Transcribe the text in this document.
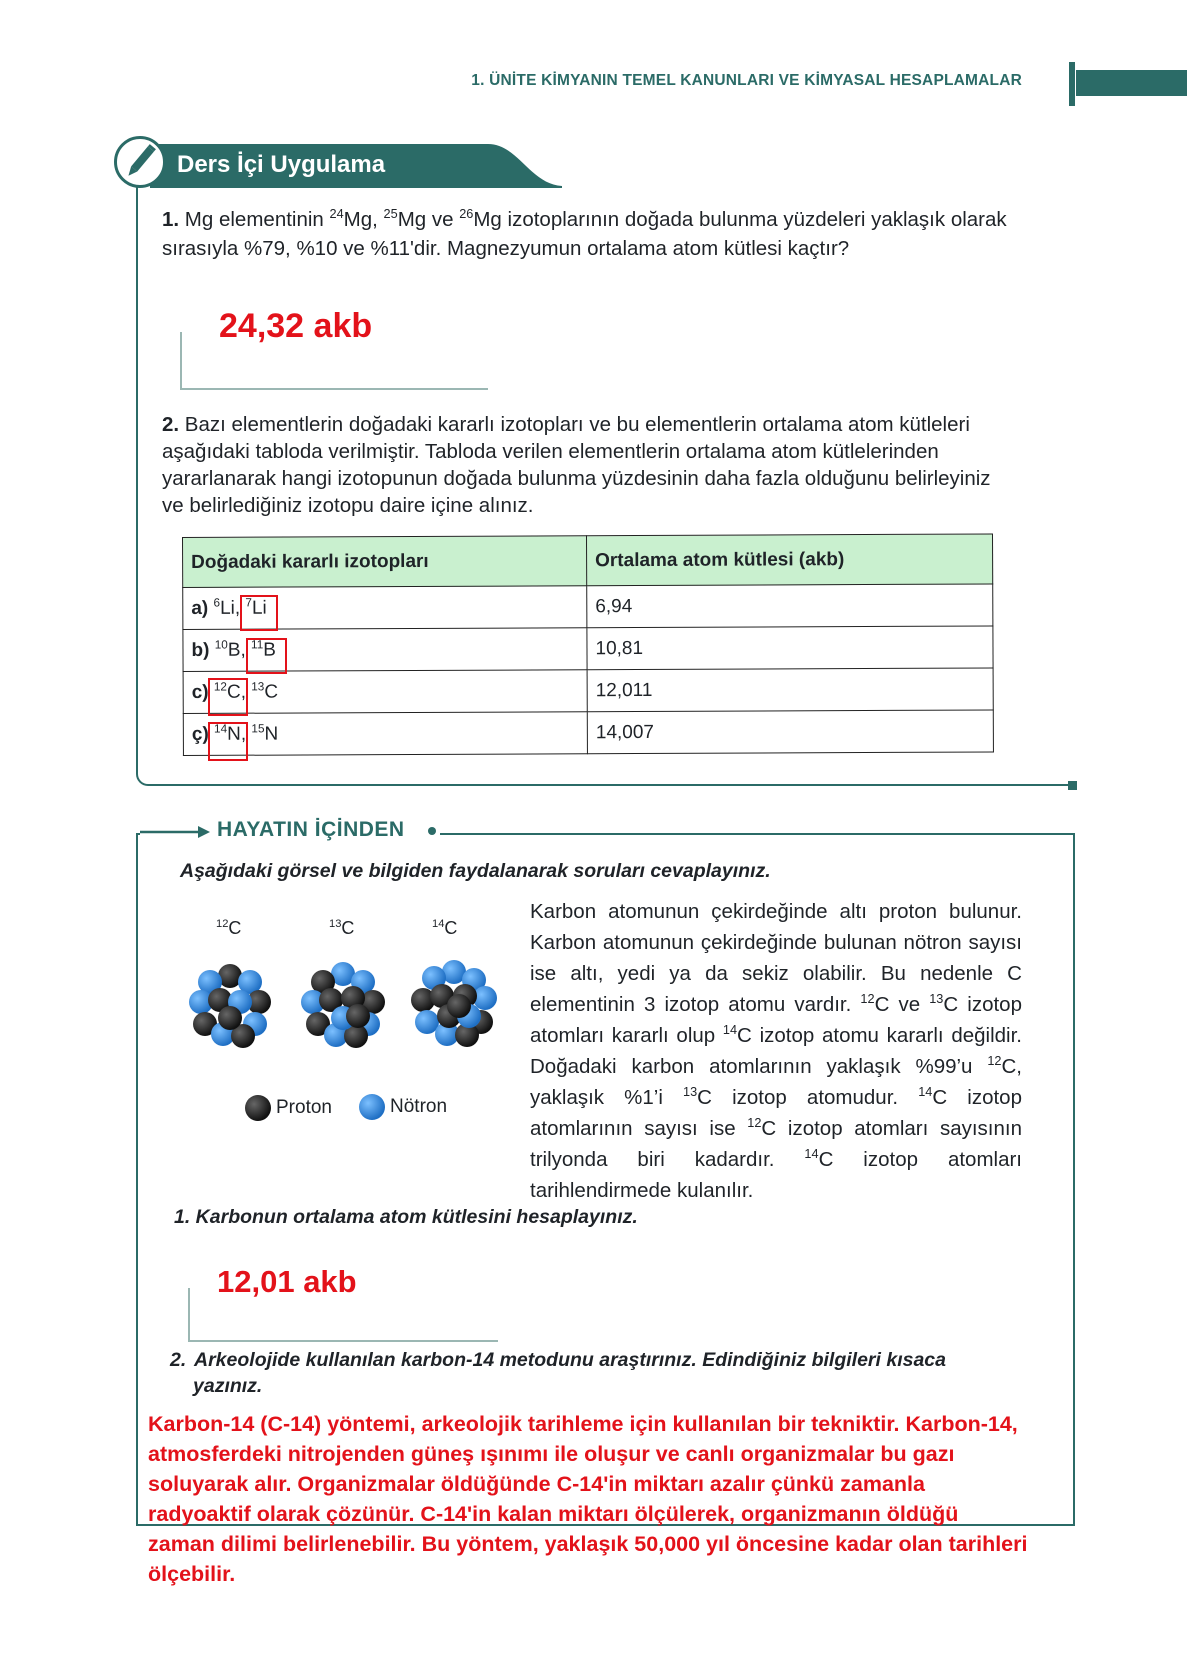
1. ÜNİTE KİMYANIN TEMEL KANUNLARI VE KİMYASAL HESAPLAMALAR
Ders İçi Uygulama
1. Mg elementinin $^{24}$Mg, $^{25}$Mg ve $^{26}$Mg izotoplarının doğada bulunma yüzdeleri yaklaşık olarak sırasıyla %79, %10 ve %11'dir. Magnezyumun ortalama atom kütlesi kaçtır?
24,32 akb
2. Bazı elementlerin doğadaki kararlı izotopları ve bu elementlerin ortalama atom kütleleri aşağıdaki tabloda verilmiştir. Tabloda verilen elementlerin ortalama atom kütlelerinden yararlanarak hangi izotopunun doğada bulunma yüzdesinin daha fazla olduğunu belirleyiniz ve belirlediğiniz izotopu daire içine alınız.
Doğadaki kararlı izotopları	Ortalama atom kütlesi (akb)
a) $^6$Li, $^7$Li	6,94
b) $^{10}$B, $^{11}$B	10,81
c) $^{12}$C, $^{13}$C	12,011
ç) $^{14}$N, $^{15}$N	14,007
HAYATIN İÇİNDEN
Aşağıdaki görsel ve bilgiden faydalanarak soruları cevaplayınız.
$^{12}$C	$^{13}$C	$^{14}$C
Proton	Nötron
Karbon atomunun çekirdeğinde altı proton bulunur. Karbon atomunun çekirdeğinde bulunan nötron sayısı ise altı, yedi ya da sekiz olabilir. Bu nedenle C elementinin 3 izotop atomu vardır. $^{12}$C ve $^{13}$C izotop atomları kararlı olup $^{14}$C izotop atomu kararlı değildir. Doğadaki karbon atomlarının yaklaşık %99’u $^{12}$C, yaklaşık %1’i $^{13}$C izotop atomudur. $^{14}$C izotop atomlarının sayısı ise $^{12}$C izotop atomları sayısının trilyonda biri kadardır. $^{14}$C izotop atomları tarihlendirmede kulanılır.
1. Karbonun ortalama atom kütlesini hesaplayınız.
12,01 akb
2. Arkeolojide kullanılan karbon-14 metodunu araştırınız. Edindiğiniz bilgileri kısaca
yazınız.
Karbon-14 (C-14) yöntemi, arkeolojik tarihleme için kullanılan bir tekniktir. Karbon-14, atmosferdeki nitrojenden güneş ışınımı ile oluşur ve canlı organizmalar bu gazı soluyarak alır. Organizmalar öldüğünde C-14'in miktarı azalır çünkü zamanla radyoaktif olarak çözünür. C-14'in kalan miktarı ölçülerek, organizmanın öldüğü zaman dilimi belirlenebilir. Bu yöntem, yaklaşık 50,000 yıl öncesine kadar olan tarihleri ölçebilir.
